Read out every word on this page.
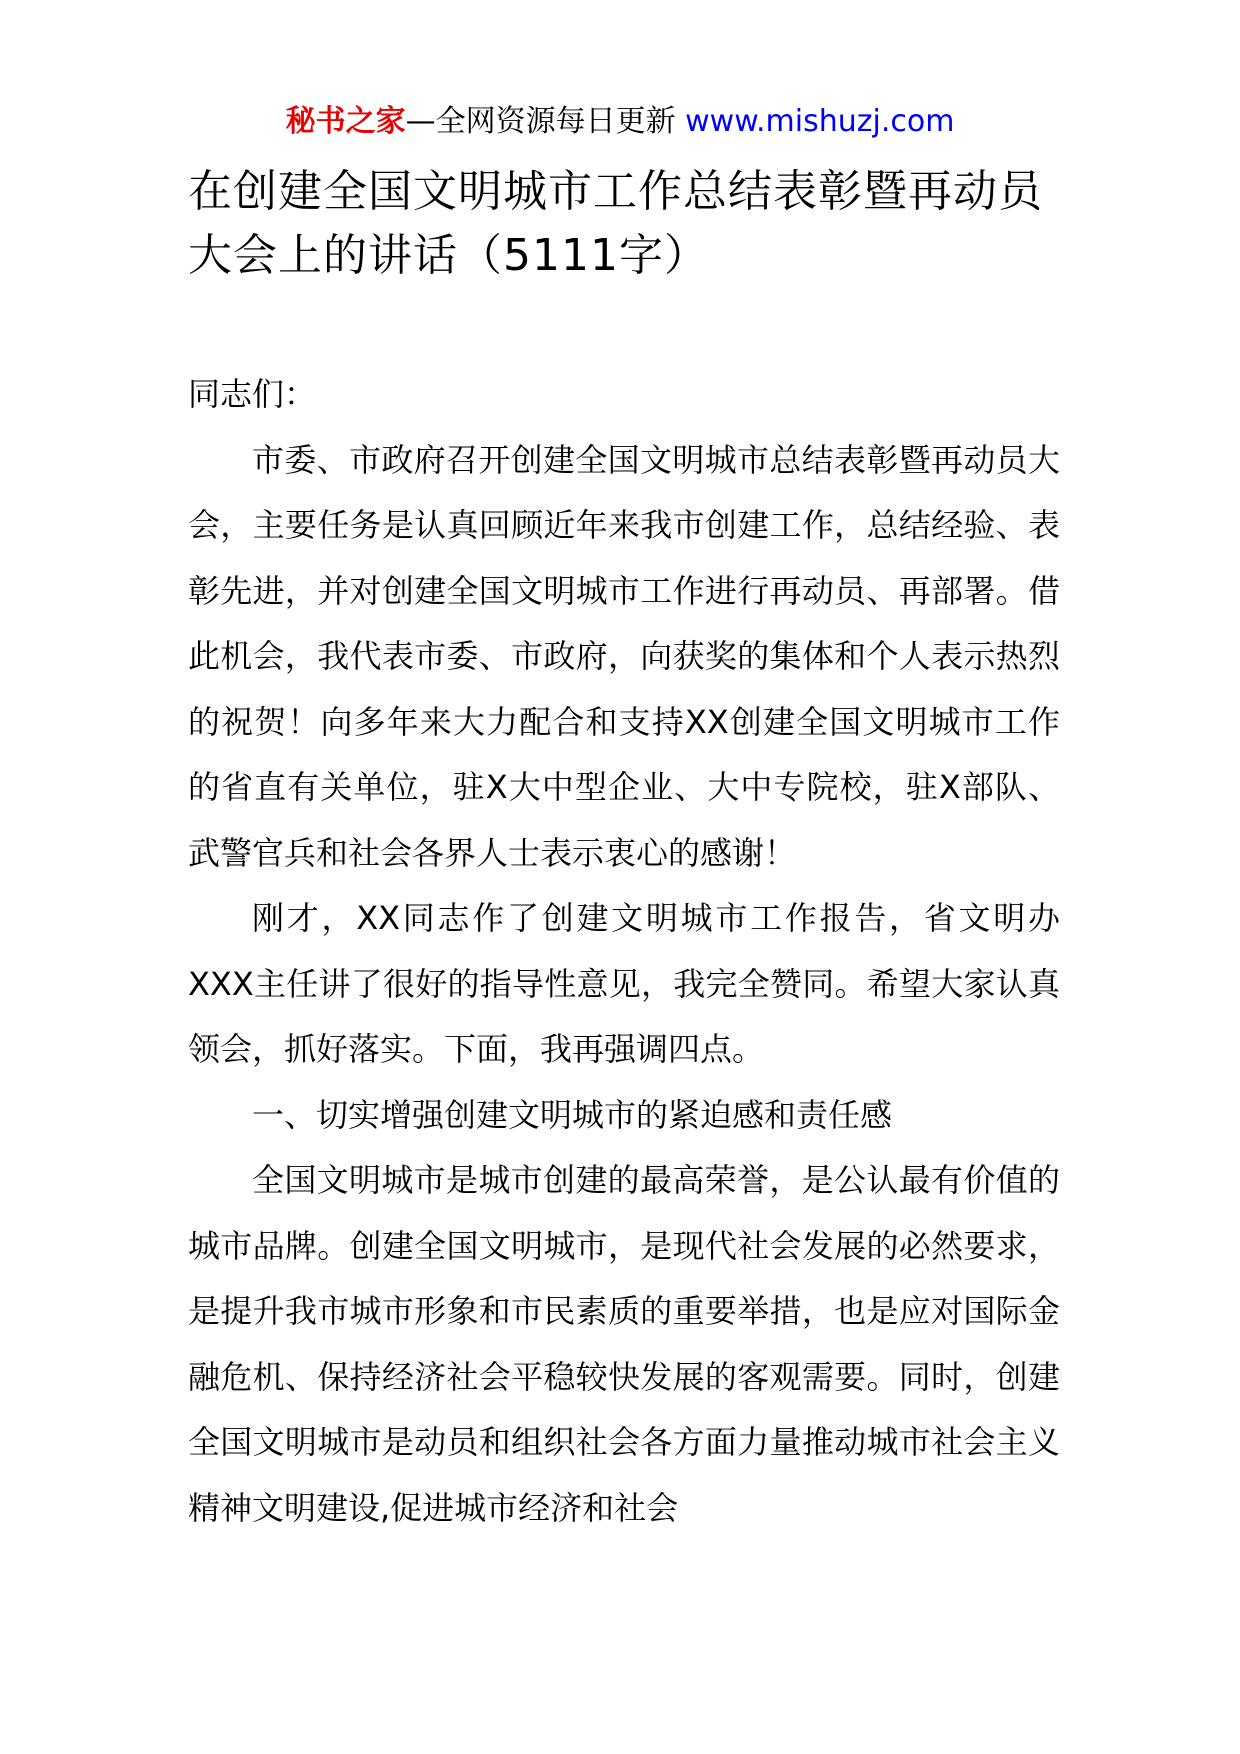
秘书之家—全网资源每日更新 www.mishuzj.com
在创建全国文明城市工作总结表彰暨再动员大会上的讲话（5111字）

同志们：

市委、市政府召开创建全国文明城市总结表彰暨再动员大会，主要任务是认真回顾近年来我市创建工作，总结经验、表彰先进，并对创建全国文明城市工作进行再动员、再部署。借此机会，我代表市委、市政府，向获奖的集体和个人表示热烈的祝贺！向多年来大力配合和支持XX创建全国文明城市工作的省直有关单位，驻X大中型企业、大中专院校，驻X部队、武警官兵和社会各界人士表示衷心的感谢！

刚才，XX同志作了创建文明城市工作报告，省文明办XXX主任讲了很好的指导性意见，我完全赞同。希望大家认真领会，抓好落实。下面，我再强调四点。

一、切实增强创建文明城市的紧迫感和责任感

全国文明城市是城市创建的最高荣誉，是公认最有价值的城市品牌。创建全国文明城市，是现代社会发展的必然要求，是提升我市城市形象和市民素质的重要举措，也是应对国际金融危机、保持经济社会平稳较快发展的客观需要。同时，创建全国文明城市是动员和组织社会各方面力量推动城市社会主义精神文明建设,促进城市经济和社会
